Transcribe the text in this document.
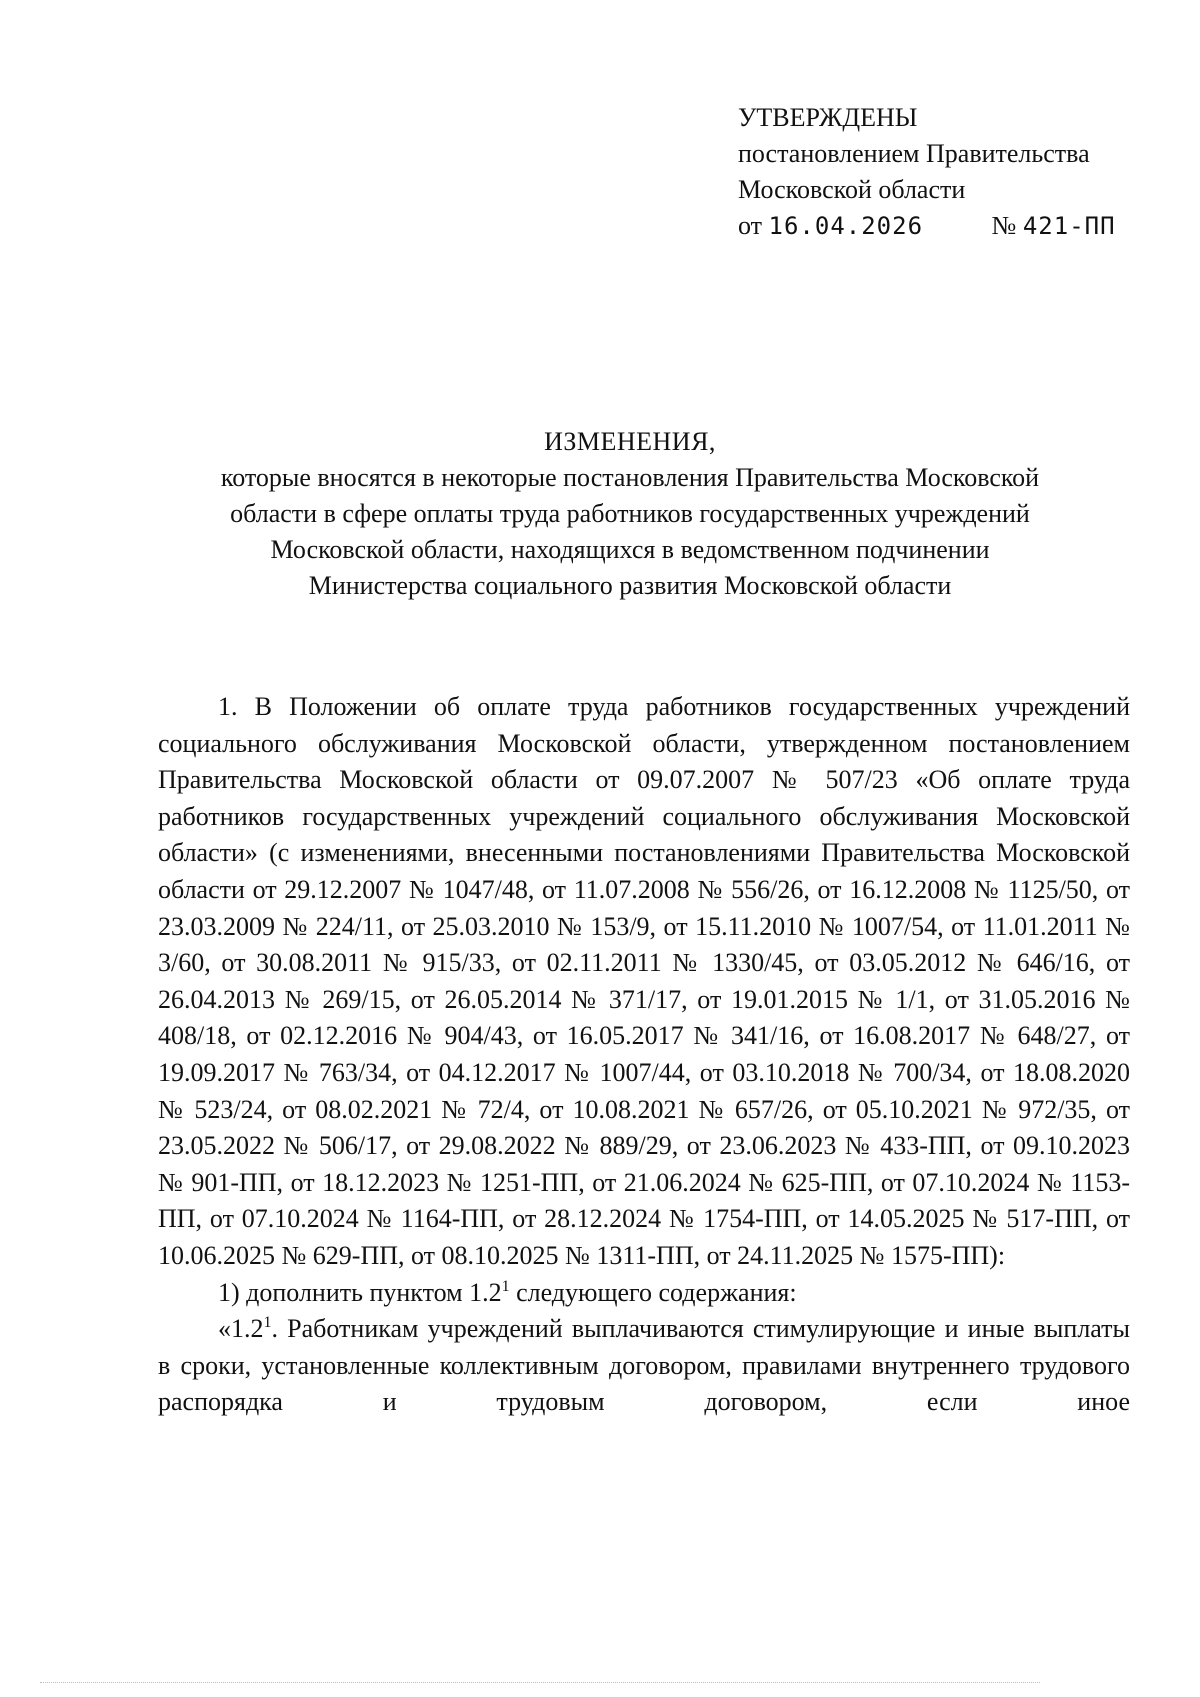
УТВЕРЖДЕНЫ
постановлением Правительства
Московской области
от 16.04.2026	№ 421-ПП
ИЗМЕНЕНИЯ,
которые вносятся в некоторые постановления Правительства Московской
области в сфере оплаты труда работников государственных учреждений
Московской области, находящихся в ведомственном подчинении
Министерства социального развития Московской области

1. В Положении об оплате труда работников государственных учреждений социального обслуживания Московской области, утвержденном постановлением Правительства Московской области от 09.07.2007 № 507/23 «Об оплате труда работников государственных учреждений социального обслуживания Московской области» (с изменениями, внесенными постановлениями Правительства Московской области от 29.12.2007 № 1047/48, от 11.07.2008 № 556/26, от 16.12.2008 № 1125/50, от 23.03.2009 № 224/11, от 25.03.2010 № 153/9, от 15.11.2010 № 1007/54, от 11.01.2011 № 3/60, от 30.08.2011 № 915/33, от 02.11.2011 № 1330/45, от 03.05.2012 № 646/16, от 26.04.2013 № 269/15, от 26.05.2014 № 371/17, от 19.01.2015 № 1/1, от 31.05.2016 № 408/18, от 02.12.2016 № 904/43, от 16.05.2017 № 341/16, от 16.08.2017 № 648/27, от 19.09.2017 № 763/34, от 04.12.2017 № 1007/44, от 03.10.2018 № 700/34, от 18.08.2020 № 523/24, от 08.02.2021 № 72/4, от 10.08.2021 № 657/26, от 05.10.2021 № 972/35, от 23.05.2022 № 506/17, от 29.08.2022 № 889/29, от 23.06.2023 № 433-ПП, от 09.10.2023 № 901-ПП, от 18.12.2023 № 1251-ПП, от 21.06.2024 № 625-ПП, от 07.10.2024 № 1153-ПП, от 07.10.2024 № 1164-ПП, от 28.12.2024 № 1754-ПП, от 14.05.2025 № 517-ПП, от 10.06.2025 № 629-ПП, от 08.10.2025 № 1311-ПП, от 24.11.2025 № 1575-ПП):

1) дополнить пунктом $1.2^1$ следующего содержания:

«$1.2^1$. Работникам учреждений выплачиваются стимулирующие и иные выплаты в сроки, установленные коллективным договором, правилами внутреннего трудового распорядка и трудовым договором, если иное
